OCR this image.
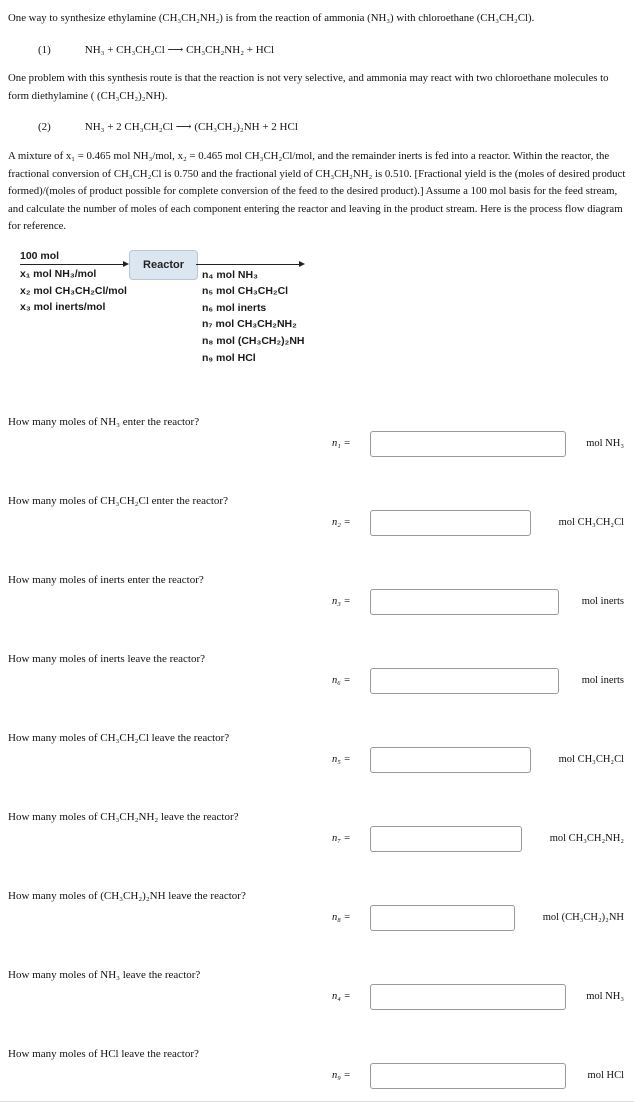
One way to synthesize ethylamine (CH₃CH₂NH₂) is from the reaction of ammonia (NH₃) with chloroethane (CH₃CH₂Cl).
(1)	NH₃ + CH₃CH₂Cl ⟶ CH₃CH₂NH₂ + HCl
One problem with this synthesis route is that the reaction is not very selective, and ammonia may react with two chloroethane molecules to form diethylamine ( (CH₃CH₂)₂NH).
(2)	NH₃ + 2 CH₃CH₂Cl ⟶ (CH₃CH₂)₂NH + 2 HCl
A mixture of x₁ = 0.465 mol NH₃/mol, x₂ = 0.465 mol CH₃CH₂Cl/mol, and the remainder inerts is fed into a reactor. Within the reactor, the fractional conversion of CH₃CH₂Cl is 0.750 and the fractional yield of CH₃CH₂NH₂ is 0.510. [Fractional yield is the (moles of desired product formed)/(moles of product possible for complete conversion of the feed to the desired product).] Assume a 100 mol basis for the feed stream, and calculate the number of moles of each component entering the reactor and leaving in the product stream. Here is the process flow diagram for reference.
100 mol
x₁ mol NH₃/mol
x₂ mol CH₃CH₂Cl/mol
x₃ mol inerts/mol
Reactor
n₄ mol NH₃
n₅ mol CH₃CH₂Cl
n₆ mol inerts
n₇ mol CH₃CH₂NH₂
n₈ mol (CH₃CH₂)₂NH
n₉ mol HCl
How many moles of NH₃ enter the reactor?
n₁ =	mol NH₃
How many moles of CH₃CH₂Cl enter the reactor?
n₂ =	mol CH₃CH₂Cl
How many moles of inerts enter the reactor?
n₃ =	mol inerts
How many moles of inerts leave the reactor?
n₆ =	mol inerts
How many moles of CH₃CH₂Cl leave the reactor?
n₅ =	mol CH₃CH₂Cl
How many moles of CH₃CH₂NH₂ leave the reactor?
n₇ =	mol CH₃CH₂NH₂
How many moles of (CH₃CH₂)₂NH leave the reactor?
n₈ =	mol (CH₃CH₂)₂NH
How many moles of NH₃ leave the reactor?
n₄ =	mol NH₃
How many moles of HCl leave the reactor?
n₉ =	mol HCl
